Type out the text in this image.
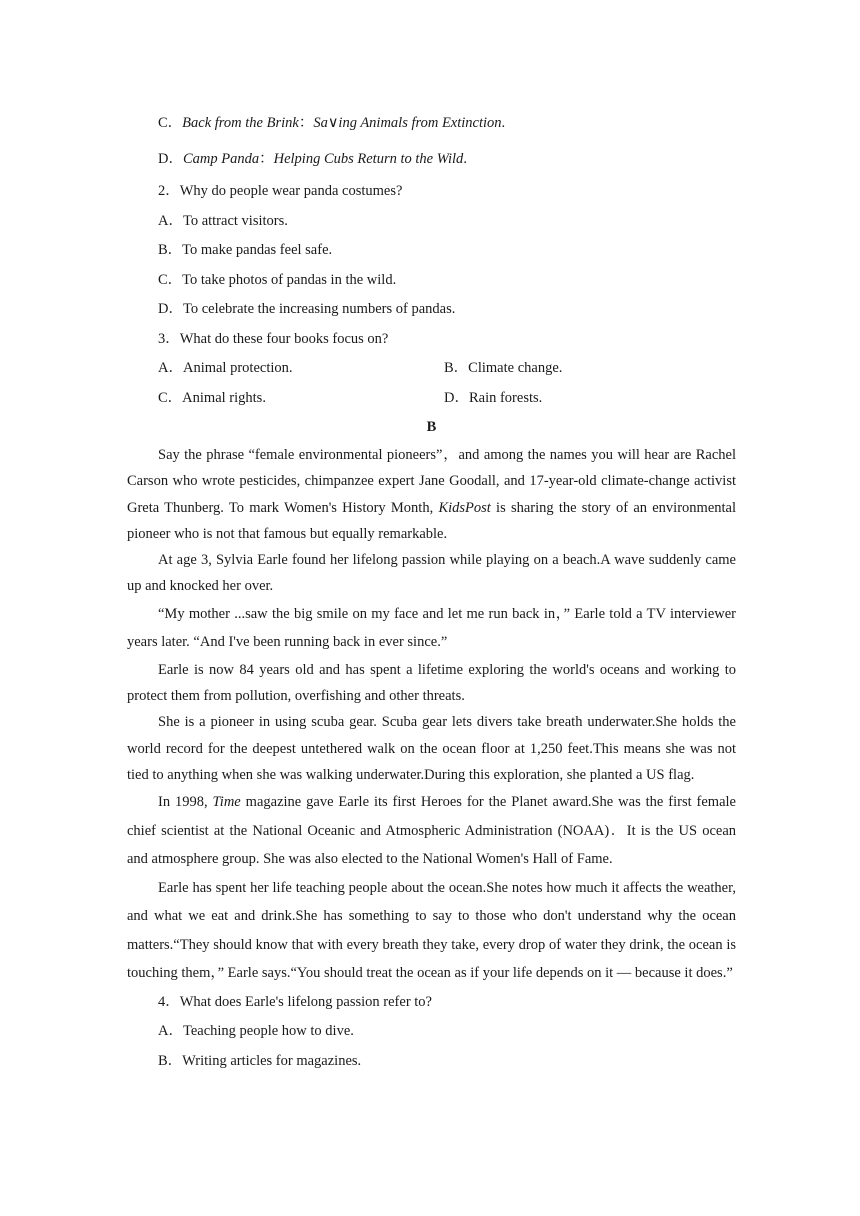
C．Back from the Brink：Sa∨ing Animals from Extinction.

D．Camp Panda：Helping Cubs Return to the Wild.

2．Why do people wear panda costumes?

A．To attract visitors.

B．To make pandas feel safe.

C．To take photos of pandas in the wild.

D．To celebrate the increasing numbers of pandas.

3．What do these four books focus on?

A．Animal protection.	B．Climate change.
C．Animal rights.	D．Rain forests.

B

Say the phrase “female environmental pioneers”，and among the names you will hear are Rachel Carson who wrote pesticides, chimpanzee expert Jane Goodall, and 17-year-old climate-change activist Greta Thunberg. To mark Women's History Month, KidsPost is sharing the story of an environmental pioneer who is not that famous but equally remarkable.

At age 3, Sylvia Earle found her lifelong passion while playing on a beach.A wave suddenly came up and knocked her over.

“My mother ...saw the big smile on my face and let me run back in，” Earle told a TV interviewer years later. “And I've been running back in ever since.”

Earle is now 84 years old and has spent a lifetime exploring the world's oceans and working to protect them from pollution, overfishing and other threats.

She is a pioneer in using scuba gear. Scuba gear lets divers take breath underwater.She holds the world record for the deepest untethered walk on the ocean floor at 1,250 feet.This means she was not tied to anything when she was walking underwater.During this exploration, she planted a US flag.

In 1998, Time magazine gave Earle its first Heroes for the Planet award.She was the first female chief scientist at the National Oceanic and Atmospheric Administration (NOAA)．It is the US ocean and atmosphere group. She was also elected to the National Women's Hall of Fame.

Earle has spent her life teaching people about the ocean.She notes how much it affects the weather, and what we eat and drink.She has something to say to those who don't understand why the ocean matters.“They should know that with every breath they take, every drop of water they drink, the ocean is touching them，” Earle says.“You should treat the ocean as if your life depends on it — because it does.”

4．What does Earle's lifelong passion refer to?

A．Teaching people how to dive.

B．Writing articles for magazines.
